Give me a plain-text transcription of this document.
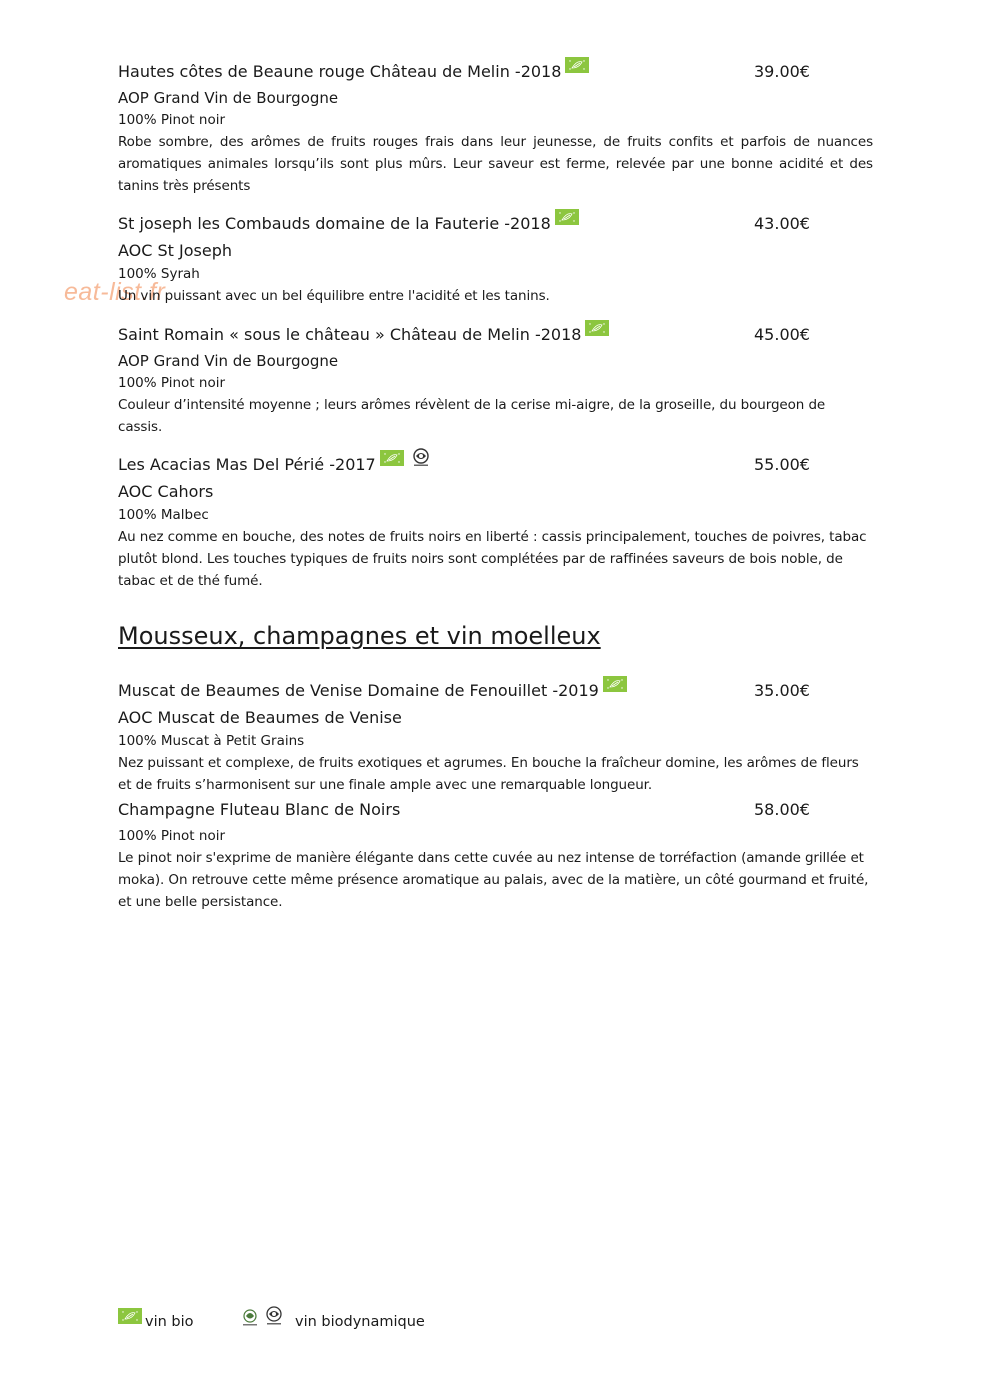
eat-list.fr
Hautes côtes de Beaune rouge Château de Melin -2018	39.00€
AOP Grand Vin de Bourgogne
100% Pinot noir
Robe sombre, des arômes de fruits rouges frais dans leur jeunesse, de fruits confits et parfois de nuances aromatiques animales lorsqu’ils sont plus mûrs. Leur saveur est ferme, relevée par une bonne acidité et des tanins très présents
St joseph les Combauds domaine de la Fauterie -2018	43.00€
AOC St Joseph
100% Syrah
Un vin puissant avec un bel équilibre entre l'acidité et les tanins.
Saint Romain « sous le château » Château de Melin -2018	45.00€
AOP Grand Vin de Bourgogne
100% Pinot noir
Couleur d’intensité moyenne ; leurs arômes révèlent de la cerise mi-aigre, de la groseille, du bourgeon de cassis.
Les Acacias Mas Del Périé -2017	55.00€
AOC Cahors
100% Malbec
Au nez comme en bouche, des notes de fruits noirs en liberté : cassis principalement, touches de poivres, tabac plutôt blond. Les touches typiques de fruits noirs sont complétées par de raffinées saveurs de bois noble, de tabac et de thé fumé.
Mousseux, champagnes et vin moelleux
Muscat de Beaumes de Venise Domaine de Fenouillet -2019	35.00€
AOC Muscat de Beaumes de Venise
100% Muscat à Petit Grains
Nez puissant et complexe, de fruits exotiques et agrumes. En bouche la fraîcheur domine, les arômes de fleurs et de fruits s’harmonisent sur une finale ample avec une remarquable longueur.
Champagne Fluteau Blanc de Noirs	58.00€
100% Pinot noir
Le pinot noir s'exprime de manière élégante dans cette cuvée au nez intense de torréfaction (amande grillée et moka). On retrouve cette même présence aromatique au palais, avec de la matière, un côté gourmand et fruité, et une belle persistance.
vin bio	vin biodynamique
